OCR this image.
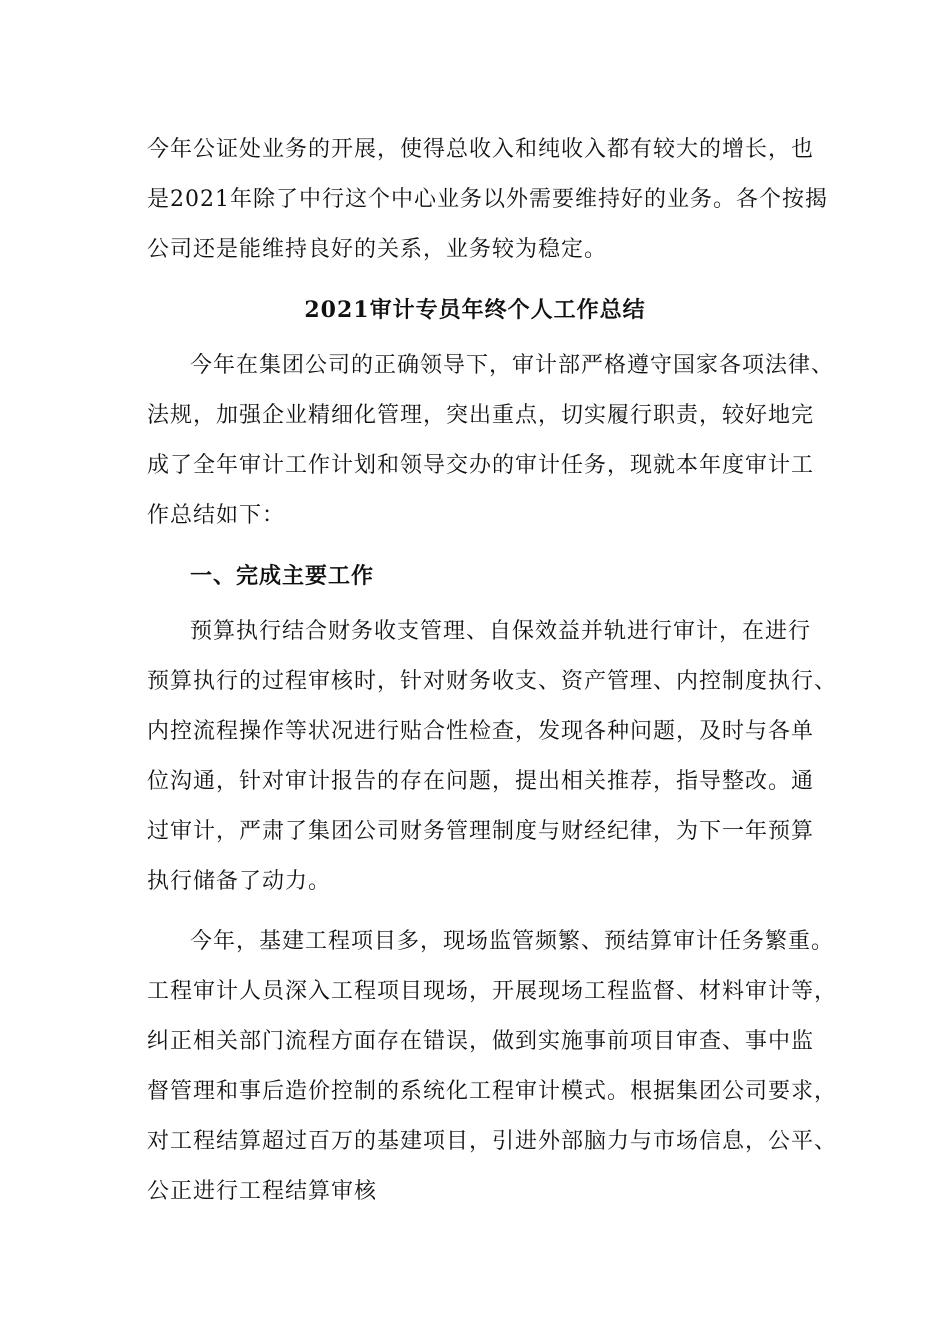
今年公证处业务的开展，使得总收入和纯收入都有较大的增长，也
是2021年除了中行这个中心业务以外需要维持好的业务。各个按揭
公司还是能维持良好的关系，业务较为稳定。
2021审计专员年终个人工作总结
今年在集团公司的正确领导下，审计部严格遵守国家各项法律、
法规，加强企业精细化管理，突出重点，切实履行职责，较好地完
成了全年审计工作计划和领导交办的审计任务，现就本年度审计工
作总结如下：
一、完成主要工作
预算执行结合财务收支管理、自保效益并轨进行审计，在进行
预算执行的过程审核时，针对财务收支、资产管理、内控制度执行、
内控流程操作等状况进行贴合性检查，发现各种问题，及时与各单
位沟通，针对审计报告的存在问题，提出相关推荐，指导整改。通
过审计，严肃了集团公司财务管理制度与财经纪律，为下一年预算
执行储备了动力。
今年，基建工程项目多，现场监管频繁、预结算审计任务繁重。
工程审计人员深入工程项目现场，开展现场工程监督、材料审计等，
纠正相关部门流程方面存在错误，做到实施事前项目审查、事中监
督管理和事后造价控制的系统化工程审计模式。根据集团公司要求，
对工程结算超过百万的基建项目，引进外部脑力与市场信息，公平、
公正进行工程结算审核
